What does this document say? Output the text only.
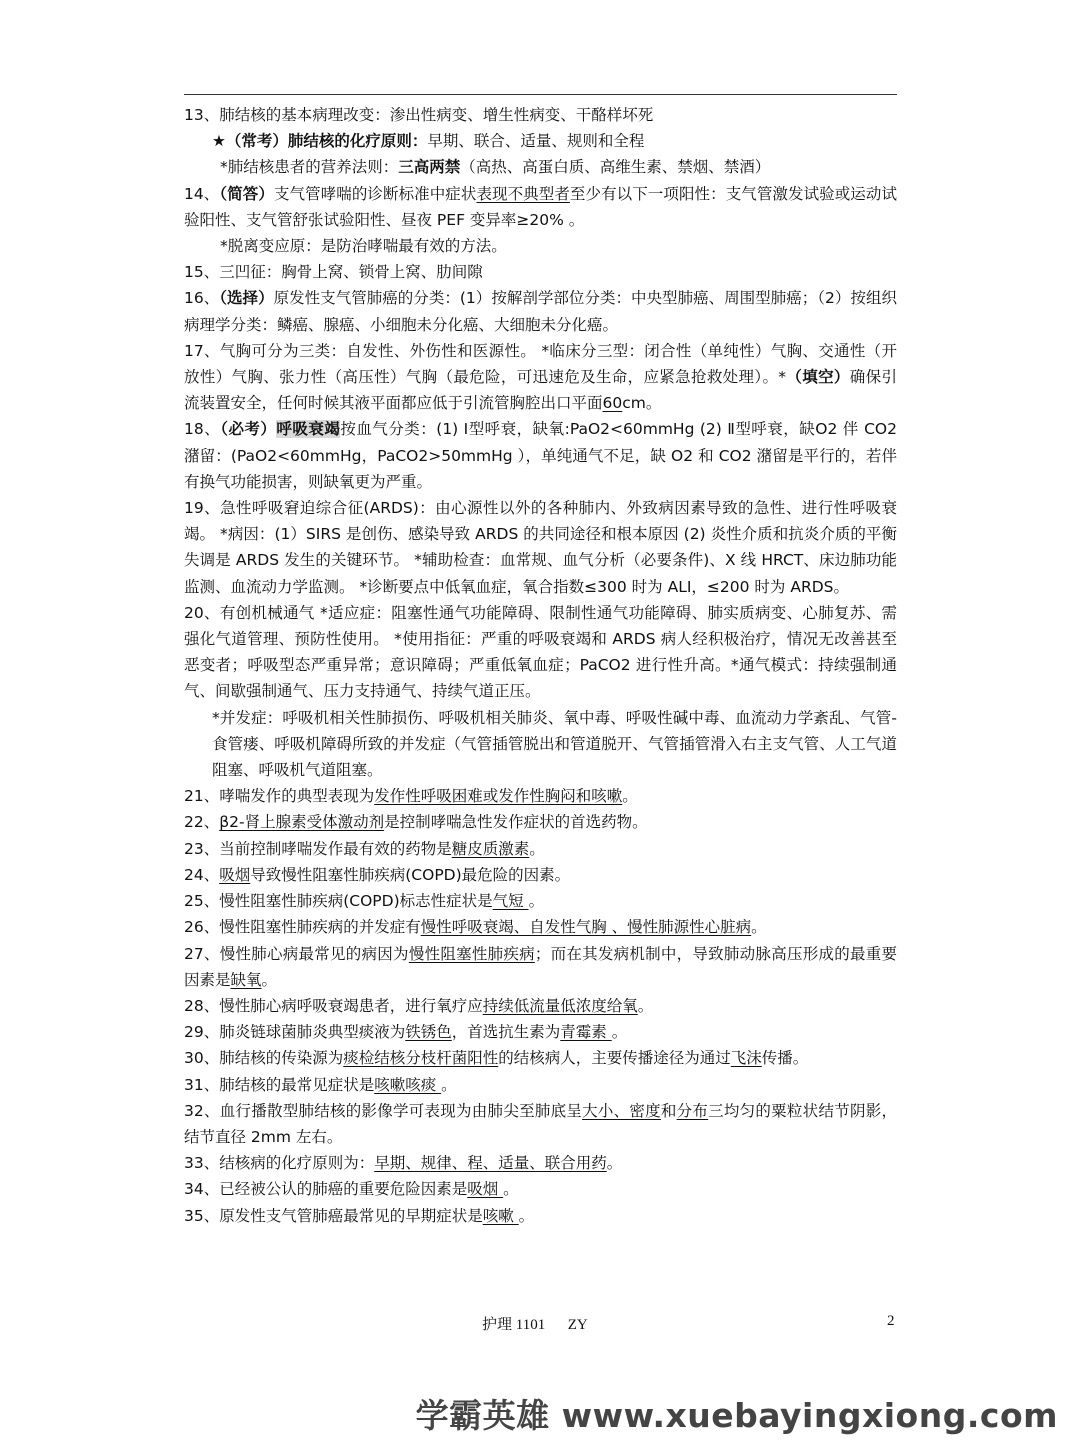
13、肺结核的基本病理改变：渗出性病变、增生性病变、干酪样坏死

★（常考）肺结核的化疗原则：早期、联合、适量、规则和全程

*肺结核患者的营养法则：三高两禁（高热、高蛋白质、高维生素、禁烟、禁酒）

14、（简答）支气管哮喘的诊断标准中症状表现不典型者至少有以下一项阳性：支气管激发试验或运动试验阳性、支气管舒张试验阳性、昼夜 PEF 变异率≥20% 。

*脱离变应原：是防治哮喘最有效的方法。

15、三凹征：胸骨上窝、锁骨上窝、肋间隙

16、（选择）原发性支气管肺癌的分类：(1）按解剖学部位分类：中央型肺癌、周围型肺癌；（2）按组织病理学分类：鳞癌、腺癌、小细胞未分化癌、大细胞未分化癌。

17、气胸可分为三类：自发性、外伤性和医源性。 *临床分三型：闭合性（单纯性）气胸、交通性（开放性）气胸、张力性（高压性）气胸（最危险，可迅速危及生命，应紧急抢救处理）。*（填空）确保引流装置安全，任何时候其液平面都应低于引流管胸腔出口平面60cm。

18、（必考）呼吸衰竭按血气分类：(1) Ⅰ型呼衰，缺氧:PaO2<60mmHg (2) Ⅱ型呼衰，缺O2 伴 CO2 潴留：(PaO2<60mmHg，PaCO2>50mmHg ），单纯通气不足，缺 O2 和 CO2 潴留是平行的，若伴有换气功能损害，则缺氧更为严重。

19、急性呼吸窘迫综合征(ARDS)：由心源性以外的各种肺内、外致病因素导致的急性、进行性呼吸衰竭。 *病因：(1）SIRS 是创伤、感染导致 ARDS 的共同途径和根本原因 (2) 炎性介质和抗炎介质的平衡失调是 ARDS 发生的关键环节。 *辅助检查：血常规、血气分析（必要条件)、X 线 HRCT、床边肺功能监测、血流动力学监测。 *诊断要点中低氧血症，氧合指数≤300 时为 ALI，≤200 时为 ARDS。

20、有创机械通气 *适应症：阻塞性通气功能障碍、限制性通气功能障碍、肺实质病变、心肺复苏、需强化气道管理、预防性使用。 *使用指征：严重的呼吸衰竭和 ARDS 病人经积极治疗，情况无改善甚至恶变者；呼吸型态严重异常；意识障碍；严重低氧血症；PaCO2 进行性升高。*通气模式：持续强制通气、间歇强制通气、压力支持通气、持续气道正压。

*并发症：呼吸机相关性肺损伤、呼吸机相关肺炎、氧中毒、呼吸性碱中毒、血流动力学紊乱、气管-食管瘘、呼吸机障碍所致的并发症（气管插管脱出和管道脱开、气管插管滑入右主支气管、人工气道阻塞、呼吸机气道阻塞。

21、哮喘发作的典型表现为发作性呼吸困难或发作性胸闷和咳嗽。

22、β2-肾上腺素受体激动剂是控制哮喘急性发作症状的首选药物。

23、当前控制哮喘发作最有效的药物是糖皮质激素。

24、吸烟导致慢性阻塞性肺疾病(COPD)最危险的因素。

25、慢性阻塞性肺疾病(COPD)标志性症状是气短 。

26、慢性阻塞性肺疾病的并发症有慢性呼吸衰竭、自发性气胸 、慢性肺源性心脏病。

27、慢性肺心病最常见的病因为慢性阻塞性肺疾病；而在其发病机制中，导致肺动脉高压形成的最重要因素是缺氧。

28、慢性肺心病呼吸衰竭患者，进行氧疗应持续低流量低浓度给氧。

29、肺炎链球菌肺炎典型痰液为铁锈色，首选抗生素为青霉素 。

30、肺结核的传染源为痰检结核分枝杆菌阳性的结核病人，主要传播途径为通过飞沫传播。

31、肺结核的最常见症状是咳嗽咳痰 。

32、血行播散型肺结核的影像学可表现为由肺尖至肺底呈大小、密度和分布三均匀的粟粒状结节阴影，结节直径 2mm 左右。

33、结核病的化疗原则为：早期、规律、程、适量、联合用药。

34、已经被公认的肺癌的重要危险因素是吸烟 。

35、原发性支气管肺癌最常见的早期症状是咳嗽 。

护理 1101      ZY	2
学霸英雄 www.xuebayingxiong.com
